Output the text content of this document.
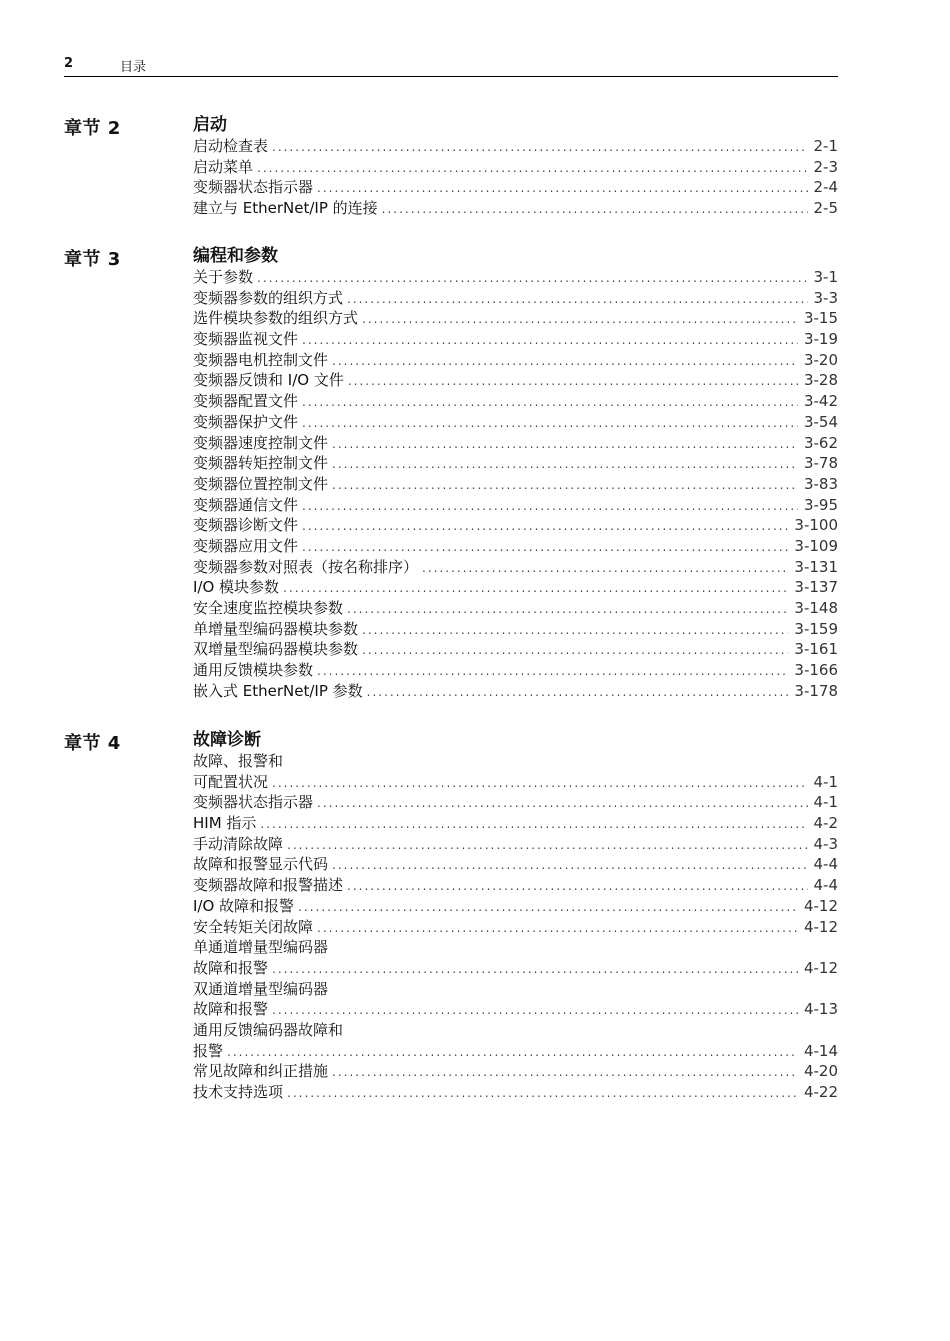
2	目录
章节 2	启动
启动检查表 .....	2-1
启动菜单 .....	2-3
变频器状态指示器 .....	2-4
建立与 EtherNet/IP 的连接 .....	2-5
章节 3	编程和参数
关于参数 .....	3-1
变频器参数的组织方式 .....	3-3
选件模块参数的组织方式 .....	3-15
变频器监视文件 .....	3-19
变频器电机控制文件 .....	3-20
变频器反馈和 I/O 文件 .....	3-28
变频器配置文件 .....	3-42
变频器保护文件 .....	3-54
变频器速度控制文件 .....	3-62
变频器转矩控制文件 .....	3-78
变频器位置控制文件 .....	3-83
变频器通信文件 .....	3-95
变频器诊断文件 .....	3-100
变频器应用文件 .....	3-109
变频器参数对照表（按名称排序） .....	3-131
I/O 模块参数 .....	3-137
安全速度监控模块参数 .....	3-148
单增量型编码器模块参数 .....	3-159
双增量型编码器模块参数 .....	3-161
通用反馈模块参数 .....	3-166
嵌入式 EtherNet/IP 参数 .....	3-178
章节 4	故障诊断
故障、报警和
可配置状况 .....	4-1
变频器状态指示器 .....	4-1
HIM 指示 .....	4-2
手动清除故障 .....	4-3
故障和报警显示代码 .....	4-4
变频器故障和报警描述 .....	4-4
I/O 故障和报警 .....	4-12
安全转矩关闭故障 .....	4-12
单通道增量型编码器
故障和报警 .....	4-12
双通道增量型编码器
故障和报警 .....	4-13
通用反馈编码器故障和
报警 .....	4-14
常见故障和纠正措施 .....	4-20
技术支持选项 .....	4-22
